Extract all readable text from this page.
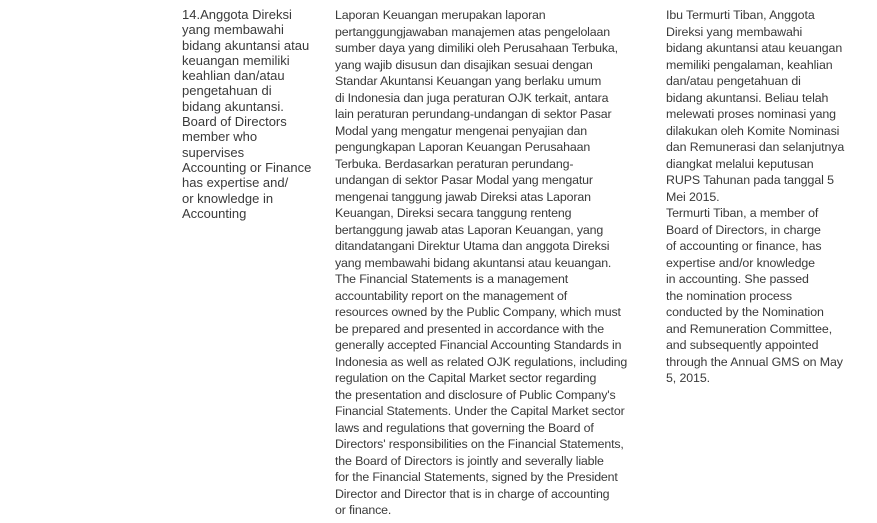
14.Anggota Direksi
yang membawahi
bidang akuntansi atau
keuangan memiliki
keahlian dan/atau
pengetahuan di
bidang akuntansi.
Board of Directors
member who
supervises
Accounting or Finance
has expertise and/
or knowledge in
Accounting
Laporan Keuangan merupakan laporan
pertanggungjawaban manajemen atas pengelolaan
sumber daya yang dimiliki oleh Perusahaan Terbuka,
yang wajib disusun dan disajikan sesuai dengan
Standar Akuntansi Keuangan yang berlaku umum
di Indonesia dan juga peraturan OJK terkait, antara
lain peraturan perundang-undangan di sektor Pasar
Modal yang mengatur mengenai penyajian dan
pengungkapan Laporan Keuangan Perusahaan
Terbuka. Berdasarkan peraturan perundang-
undangan di sektor Pasar Modal yang mengatur
mengenai tanggung jawab Direksi atas Laporan
Keuangan, Direksi secara tanggung renteng
bertanggung jawab atas Laporan Keuangan, yang
ditandatangani Direktur Utama dan anggota Direksi
yang membawahi bidang akuntansi atau keuangan.
The Financial Statements is a management
accountability report on the management of
resources owned by the Public Company, which must
be prepared and presented in accordance with the
generally accepted Financial Accounting Standards in
Indonesia as well as related OJK regulations, including
regulation on the Capital Market sector regarding
the presentation and disclosure of Public Company's
Financial Statements. Under the Capital Market sector
laws and regulations that governing the Board of
Directors' responsibilities on the Financial Statements,
the Board of Directors is jointly and severally liable
for the Financial Statements, signed by the President
Director and Director that is in charge of accounting
or finance.
Ibu Termurti Tiban, Anggota
Direksi yang membawahi
bidang akuntansi atau keuangan
memiliki pengalaman, keahlian
dan/atau pengetahuan di
bidang akuntansi. Beliau telah
melewati proses nominasi yang
dilakukan oleh Komite Nominasi
dan Remunerasi dan selanjutnya
diangkat melalui keputusan
RUPS Tahunan pada tanggal 5
Mei 2015.
Termurti Tiban, a member of
Board of Directors, in charge
of accounting or finance, has
expertise and/or knowledge
in accounting. She passed
the nomination process
conducted by the Nomination
and Remuneration Committee,
and subsequently appointed
through the Annual GMS on May
5, 2015.
